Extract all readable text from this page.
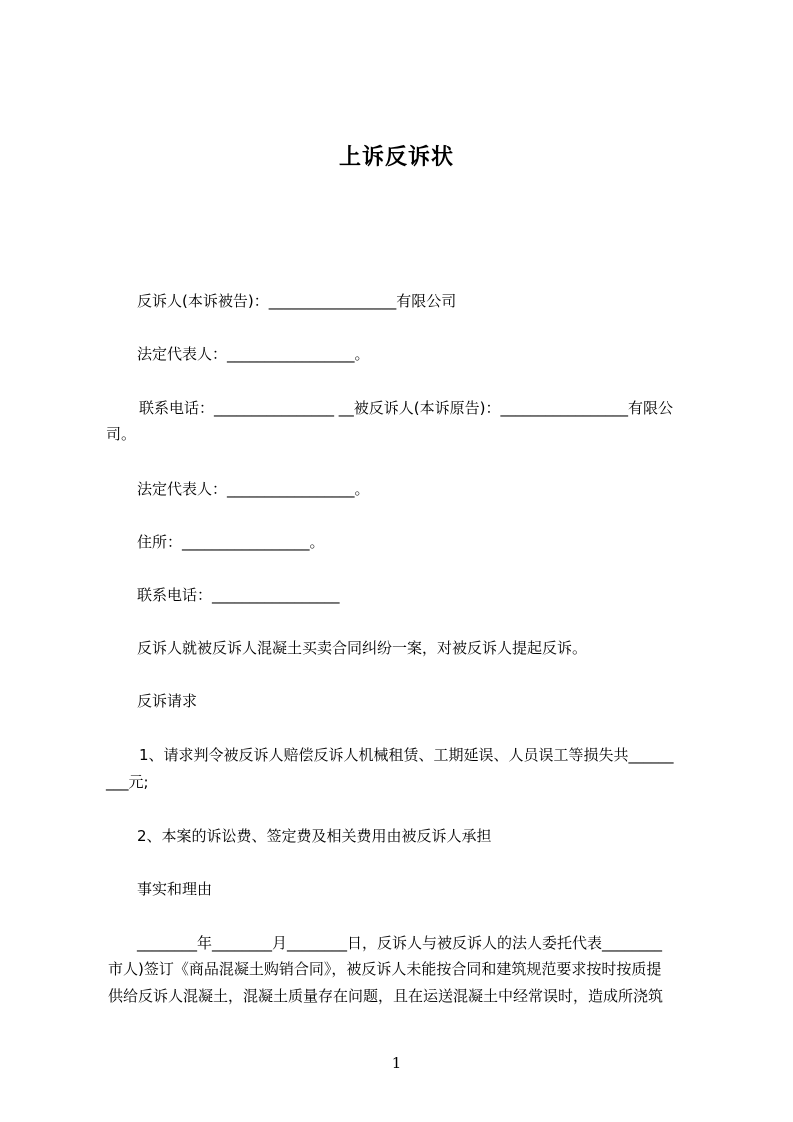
上诉反诉状
反诉人(本诉被告)：_________________有限公司
法定代表人：_________________。
联系电话：________________ __被反诉人(本诉原告)：_________________有限公
司。
法定代表人：_________________。
住所：_________________。
联系电话：_________________
反诉人就被反诉人混凝土买卖合同纠纷一案，对被反诉人提起反诉。
反诉请求
1、请求判令被反诉人赔偿反诉人机械租赁、工期延误、人员误工等损失共______
___元;
2、本案的诉讼费、签定费及相关费用由被反诉人承担
事实和理由
________年________月________日，反诉人与被反诉人的法人委托代表________
市人)签订《商品混凝土购销合同》，被反诉人未能按合同和建筑规范要求按时按质提
供给反诉人混凝土，混凝土质量存在问题，且在运送混凝土中经常误时，造成所浇筑
1
